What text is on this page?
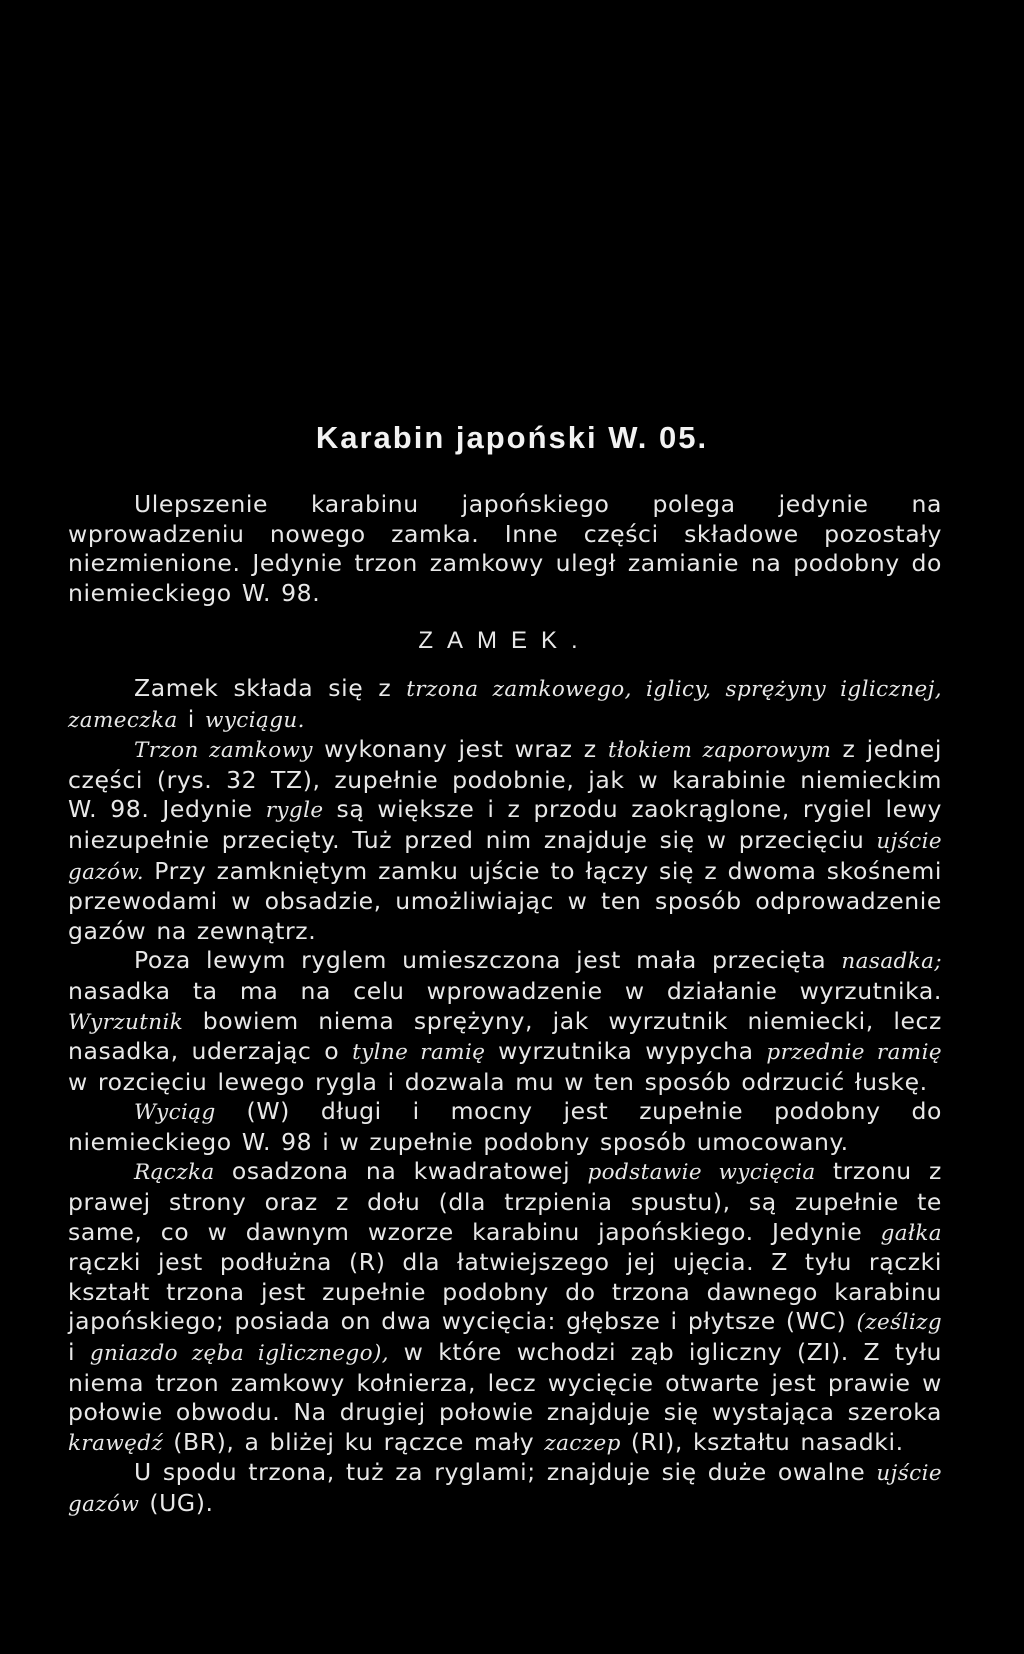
Karabin japoński W. 05.

Ulepszenie karabinu japońskiego polega jedynie na wprowadzeniu nowego zamka. Inne części składowe pozostały niezmienione. Jedynie trzon zamkowy uległ zamianie na podobny do niemieckiego W. 98.

ZAMEK.

Zamek składa się z trzona zamkowego, iglicy, sprężyny iglicznej, zameczka i wyciągu.

Trzon zamkowy wykonany jest wraz z tłokiem zaporowym z jednej części (rys. 32 TZ), zupełnie podobnie, jak w karabinie niemieckim W. 98. Jedynie rygle są większe i z przodu zaokrąglone, rygiel lewy niezupełnie przecięty. Tuż przed nim znajduje się w przecięciu ujście gazów. Przy zamkniętym zamku ujście to łączy się z dwoma skośnemi przewodami w obsadzie, umożliwiając w ten sposób odprowadzenie gazów na zewnątrz.

Poza lewym ryglem umieszczona jest mała przecięta nasadka; nasadka ta ma na celu wprowadzenie w działanie wyrzutnika. Wyrzutnik bowiem niema sprężyny, jak wyrzutnik niemiecki, lecz nasadka, uderzając o tylne ramię wyrzutnika wypycha przednie ramię w rozcięciu lewego rygla i dozwala mu w ten sposób odrzucić łuskę.

Wyciąg (W) długi i mocny jest zupełnie podobny do niemieckiego W. 98 i w zupełnie podobny sposób umocowany.

Rączka osadzona na kwadratowej podstawie wycięcia trzonu z prawej strony oraz z dołu (dla trzpienia spustu), są zupełnie te same, co w dawnym wzorze karabinu japońskiego. Jedynie gałka rączki jest podłużna (R) dla łatwiejszego jej ujęcia. Z tyłu rączki kształt trzona jest zupełnie podobny do trzona dawnego karabinu japońskiego; posiada on dwa wycięcia: głębsze i płytsze (WC) (ześlizg i gniazdo zęba iglicznego), w które wchodzi ząb igliczny (ZI). Z tyłu niema trzon zamkowy kołnierza, lecz wycięcie otwarte jest prawie w połowie obwodu. Na drugiej połowie znajduje się wystająca szeroka krawędź (BR), a bliżej ku rączce mały zaczep (RI), kształtu nasadki.

U spodu trzona, tuż za ryglami; znajduje się duże owalne ujście gazów (UG).
